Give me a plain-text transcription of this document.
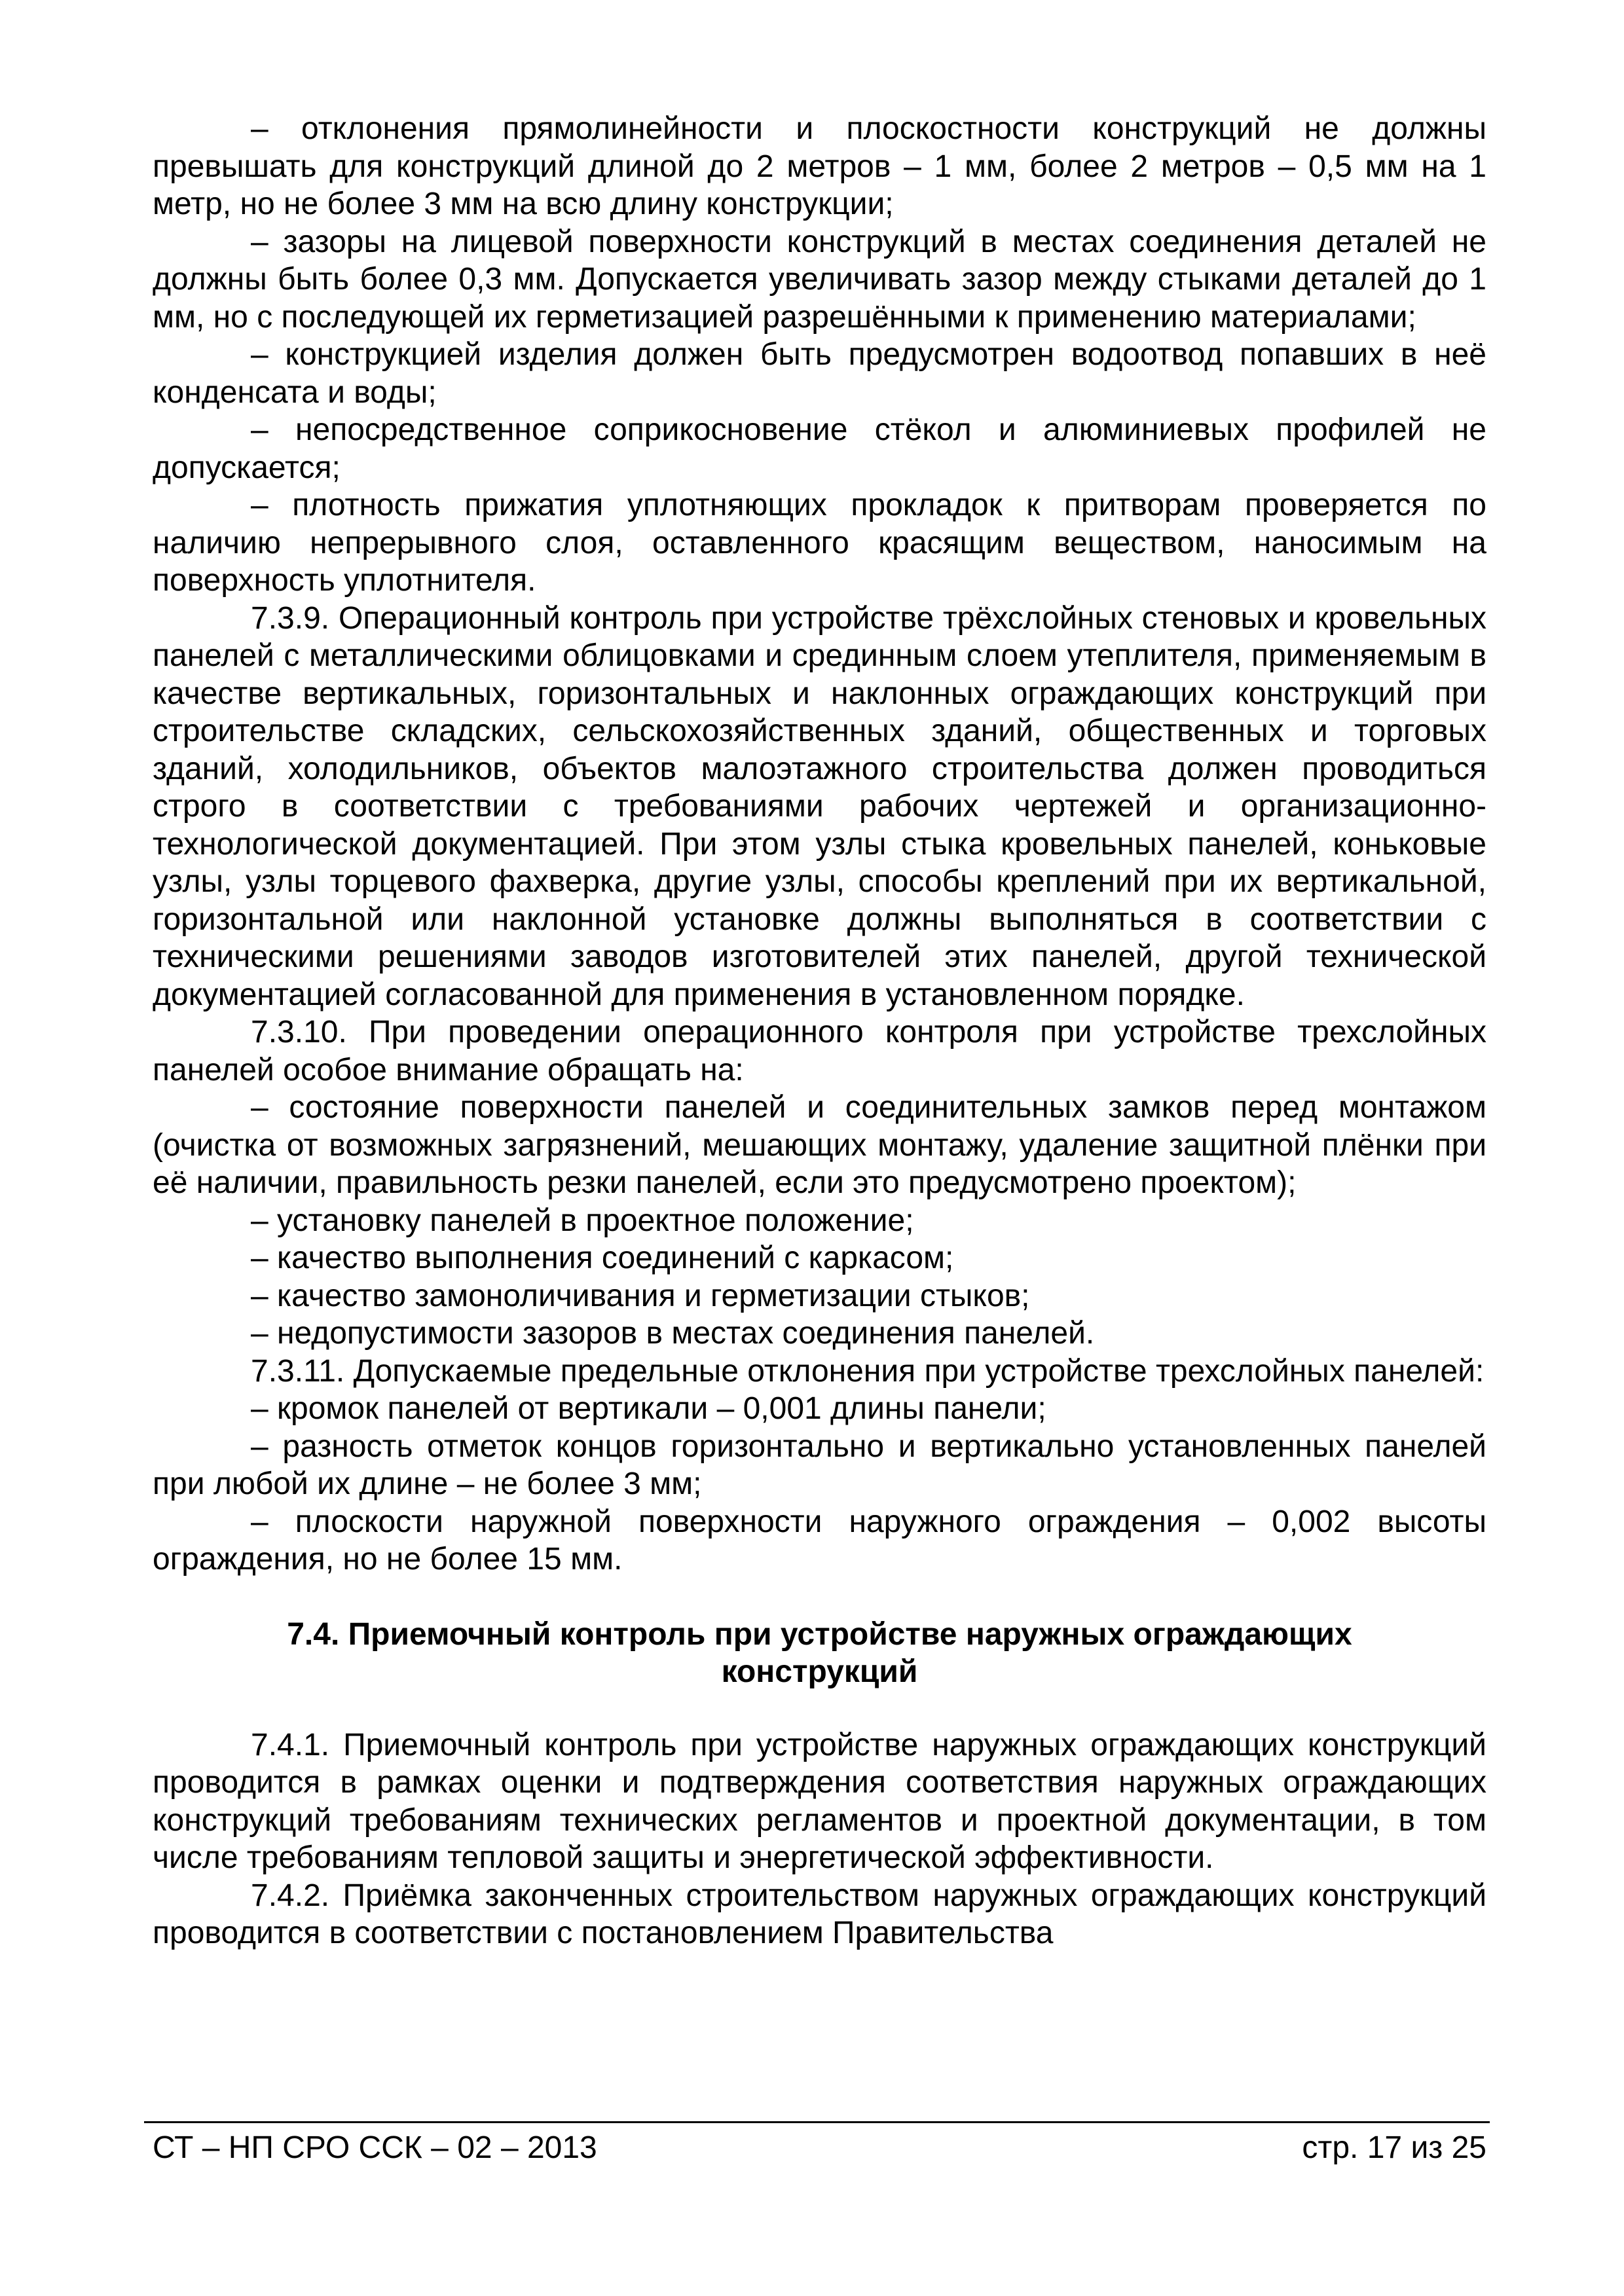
– отклонения прямолинейности и плоскостности конструкций не должны превышать для конструкций длиной до 2 метров – 1 мм, более 2 метров – 0,5 мм на 1 метр, но не более 3 мм на всю длину конструкции;

– зазоры на лицевой поверхности конструкций в местах соединения деталей не должны быть более 0,3 мм. Допускается увеличивать зазор между стыками деталей до 1 мм, но с последующей их герметизацией разрешёнными к применению материалами;

– конструкцией изделия должен быть предусмотрен водоотвод попавших в неё конденсата и воды;

– непосредственное соприкосновение стёкол и алюминиевых профилей не допускается;

– плотность прижатия уплотняющих прокладок к притворам проверяется по наличию непрерывного слоя, оставленного красящим веществом, наносимым на поверхность уплотнителя.

7.3.9. Операционный контроль при устройстве трёхслойных стеновых и кровельных панелей с металлическими облицовками и срединным слоем утеплителя, применяемым в качестве вертикальных, горизонтальных и наклонных ограждающих конструкций при строительстве складских, сельскохозяйственных зданий, общественных и торговых зданий, холодильников, объектов малоэтажного строительства должен проводиться строго в соответствии с требованиями рабочих чертежей и организационно-технологической документацией. При этом узлы стыка кровельных панелей, коньковые узлы, узлы торцевого фахверка, другие узлы, способы креплений при их вертикальной, горизонтальной или наклонной установке должны выполняться в соответствии с техническими решениями заводов изготовителей этих панелей, другой технической документацией согласованной для применения в установленном порядке.

7.3.10. При проведении операционного контроля при устройстве трехслойных панелей особое внимание обращать на:

– состояние поверхности панелей и соединительных замков перед монтажом (очистка от возможных загрязнений, мешающих монтажу, удаление защитной плёнки при её наличии, правильность резки панелей, если это предусмотрено проектом);

– установку панелей в проектное положение;

– качество выполнения соединений с каркасом;

– качество замоноличивания и герметизации стыков;

– недопустимости зазоров в местах соединения панелей.

7.3.11. Допускаемые предельные отклонения при устройстве трехслойных панелей:

– кромок панелей от вертикали – 0,001 длины панели;

– разность отметок концов горизонтально и вертикально установленных панелей при любой их длине – не более 3 мм;

– плоскости наружной поверхности наружного ограждения – 0,002 высоты ограждения, но не более 15 мм.

7.4. Приемочный контроль при устройстве наружных ограждающих конструкций

7.4.1. Приемочный контроль при устройстве наружных ограждающих конструкций проводится в рамках оценки и подтверждения соответствия наружных ограждающих конструкций требованиям технических регламентов и проектной документации, в том числе требованиям тепловой защиты и энергетической эффективности.

7.4.2. Приёмка законченных строительством наружных ограждающих конструкций проводится в соответствии с постановлением Правительства

СТ – НП СРО ССК – 02 – 2013	стр. 17 из 25
